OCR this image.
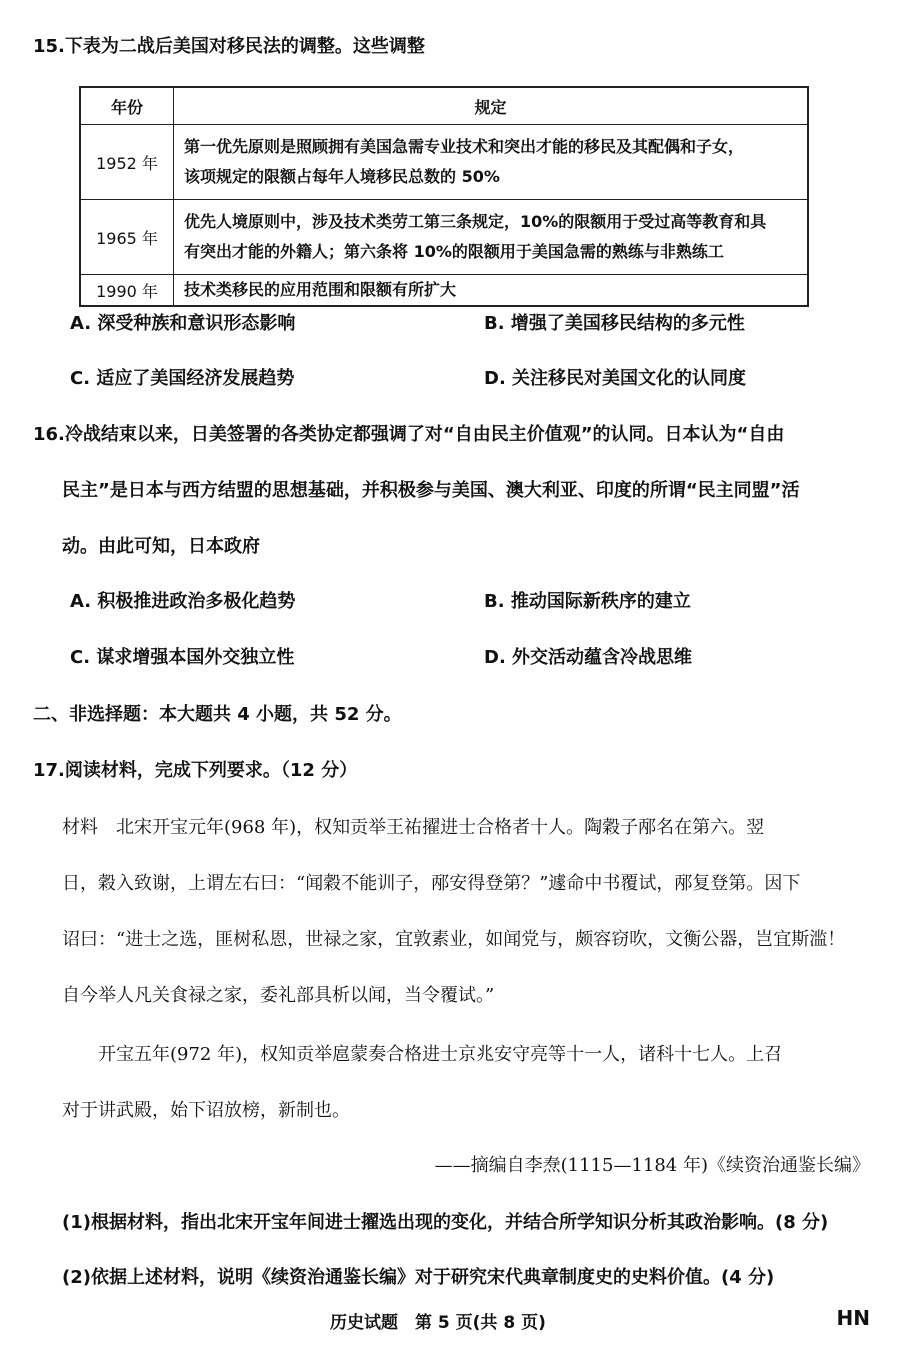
15.下表为二战后美国对移民法的调整。这些调整
年份	规定
1952 年	第一优先原则是照顾拥有美国急需专业技术和突出才能的移民及其配偶和子女，
该项规定的限额占每年人境移民总数的 50%

1965 年	优先人境原则中，涉及技术类劳工第三条规定，10%的限额用于受过高等教育和具
有突出才能的外籍人；第六条将 10%的限额用于美国急需的熟练与非熟练工

1990 年	技术类移民的应用范围和限额有所扩大
A. 深受种族和意识形态影响	B. 增强了美国移民结构的多元性
C. 适应了美国经济发展趋势	D. 关注移民对美国文化的认同度
16.冷战结束以来，日美签署的各类协定都强调了对“自由民主价值观”的认同。日本认为“自由
民主”是日本与西方结盟的思想基础，并积极参与美国、澳大利亚、印度的所谓“民主同盟”活
动。由此可知，日本政府
A. 积极推进政治多极化趋势	B. 推动国际新秩序的建立
C. 谋求增强本国外交独立性	D. 外交活动蕴含冷战思维
二、非选择题：本大题共 4 小题，共 52 分。
17.阅读材料，完成下列要求。（12 分）
材料　北宋开宝元年(968 年)，权知贡举王祐擢进士合格者十人。陶穀子邴名在第六。翌
日，穀入致谢，上谓左右曰：“闻穀不能训子，邴安得登第？”遽命中书覆试，邴复登第。因下
诏曰：“进士之选，匪树私恩，世禄之家，宜敦素业，如闻党与，颇容窃吹，文衡公器，岂宜斯滥！
自今举人凡关食禄之家，委礼部具析以闻，当令覆试。”
　　开宝五年(972 年)，权知贡举扈蒙奏合格进士京兆安守亮等十一人，诸科十七人。上召
对于讲武殿，始下诏放榜，新制也。
——摘编自李焘(1115—1184 年)《续资治通鉴长编》
(1)根据材料，指出北宋开宝年间进士擢选出现的变化，并结合所学知识分析其政治影响。(8 分)
(2)依据上述材料，说明《续资治通鉴长编》对于研究宋代典章制度史的史料价值。(4 分)
历史试题　第 5 页(共 8 页)	HN
